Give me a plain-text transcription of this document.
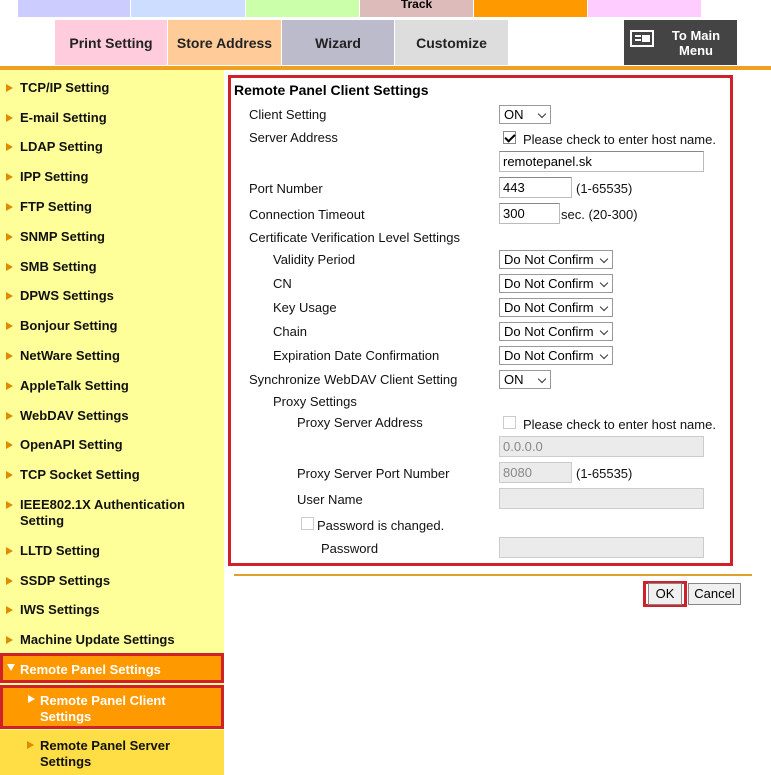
Track
Print Setting	Store Address	Wizard	Customize	To Main Menu
TCP/IP Setting
E-mail Setting
LDAP Setting
IPP Setting
FTP Setting
SNMP Setting
SMB Setting
DPWS Settings
Bonjour Setting
NetWare Setting
AppleTalk Setting
WebDAV Settings
OpenAPI Setting
TCP Socket Setting
IEEE802.1X Authentication Setting
LLTD Setting
SSDP Settings
IWS Settings
Machine Update Settings
Remote Panel Settings
Remote Panel Client Settings
Remote Panel Server Settings
Remote Panel Client Settings
Client Setting	ON
Server Address	Please check to enter host name.
remotepanel.sk
Port Number	443	(1-65535)
Connection Timeout	300	sec. (20-300)
Certificate Verification Level Settings
Validity Period	Do Not Confirm
CN	Do Not Confirm
Key Usage	Do Not Confirm
Chain	Do Not Confirm
Expiration Date Confirmation	Do Not Confirm
Synchronize WebDAV Client Setting	ON
Proxy Settings
Proxy Server Address	Please check to enter host name.
0.0.0.0
Proxy Server Port Number	8080	(1-65535)
User Name
Password is changed.
Password
OK	Cancel
